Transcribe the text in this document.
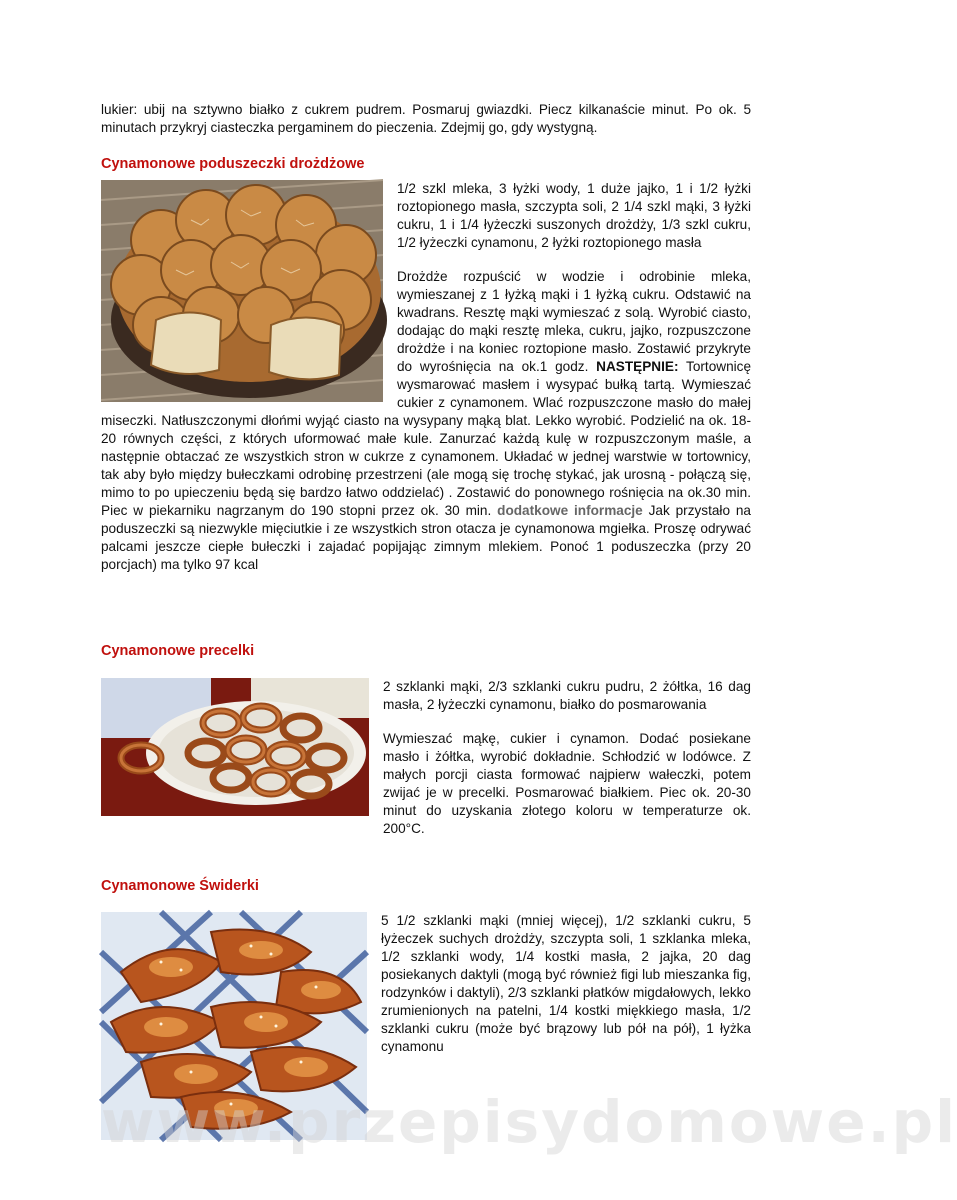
lukier: ubij na sztywno białko z cukrem pudrem. Posmaruj gwiazdki. Piecz kilkanaście minut. Po ok. 5 minutach przykryj ciasteczka pergaminem do pieczenia. Zdejmij go, gdy wystygną.

Cynamonowe poduszeczki drożdżowe

1/2 szkl mleka, 3 łyżki wody, 1 duże jajko, 1 i 1/2 łyżki roztopionego masła, szczypta soli, 2 1/4 szkl mąki, 3 łyżki cukru, 1 i 1/4 łyżeczki suszonych drożdży, 1/3 szkl cukru, 1/2 łyżeczki cynamonu, 2 łyżki roztopionego masła

Drożdże rozpuścić w wodzie i odrobinie mleka, wymieszanej z 1 łyżką mąki i 1 łyżką cukru. Odstawić na kwadrans. Resztę mąki wymieszać z solą. Wyrobić ciasto, dodając do mąki resztę mleka, cukru, jajko, rozpuszczone drożdże i na koniec roztopione masło. Zostawić przykryte do wyrośnięcia na ok.1 godz. NASTĘPNIE: Tortownicę wysmarować masłem i wysypać bułką tartą. Wymieszać cukier z cynamonem. Wlać rozpuszczone masło do małej miseczki. Natłuszczonymi dłońmi wyjąć ciasto na wysypany mąką blat. Lekko wyrobić. Podzielić na ok. 18-20 równych części, z których uformować małe kule. Zanurzać każdą kulę w rozpuszczonym maśle, a następnie obtaczać ze wszystkich stron w cukrze z cynamonem. Układać w jednej warstwie w tortownicy, tak aby było między bułeczkami odrobinę przestrzeni (ale mogą się trochę stykać, jak urosną - połączą się, mimo to po upieczeniu będą się bardzo łatwo oddzielać) . Zostawić do ponownego rośnięcia na ok.30 min. Piec w piekarniku nagrzanym do 190 stopni przez ok. 30 min. dodatkowe informacje Jak przystało na poduszeczki są niezwykle mięciutkie i ze wszystkich stron otacza je cynamonowa mgiełka. Proszę odrywać palcami jeszcze ciepłe bułeczki i zajadać popijając zimnym mlekiem. Ponoć 1 poduszeczka (przy 20 porcjach) ma tylko 97 kcal

Cynamonowe precelki

2 szklanki mąki, 2/3 szklanki cukru pudru, 2 żółtka, 16 dag masła, 2 łyżeczki cynamonu, białko do posmarowania

Wymieszać mąkę, cukier i cynamon. Dodać posiekane masło i żółtka, wyrobić dokładnie. Schłodzić w lodówce. Z małych porcji ciasta formować najpierw wałeczki, potem zwijać je w precelki. Posmarować białkiem. Piec ok. 20-30 minut do uzyskania złotego koloru w temperaturze ok. 200°C.

Cynamonowe Świderki

5 1/2 szklanki mąki (mniej więcej), 1/2 szklanki cukru, 5 łyżeczek suchych drożdży, szczypta soli, 1 szklanka mleka, 1/2 szklanki wody, 1/4 kostki masła, 2 jajka, 20 dag posiekanych daktyli (mogą być również figi lub mieszanka fig, rodzynków i daktyli), 2/3 szklanki płatków migdałowych, lekko zrumienionych na patelni, 1/4 kostki miękkiego masła, 1/2 szklanki cukru (może być brązowy lub pół na pół), 1 łyżka cynamonu

www.przepisydomowe.pl
